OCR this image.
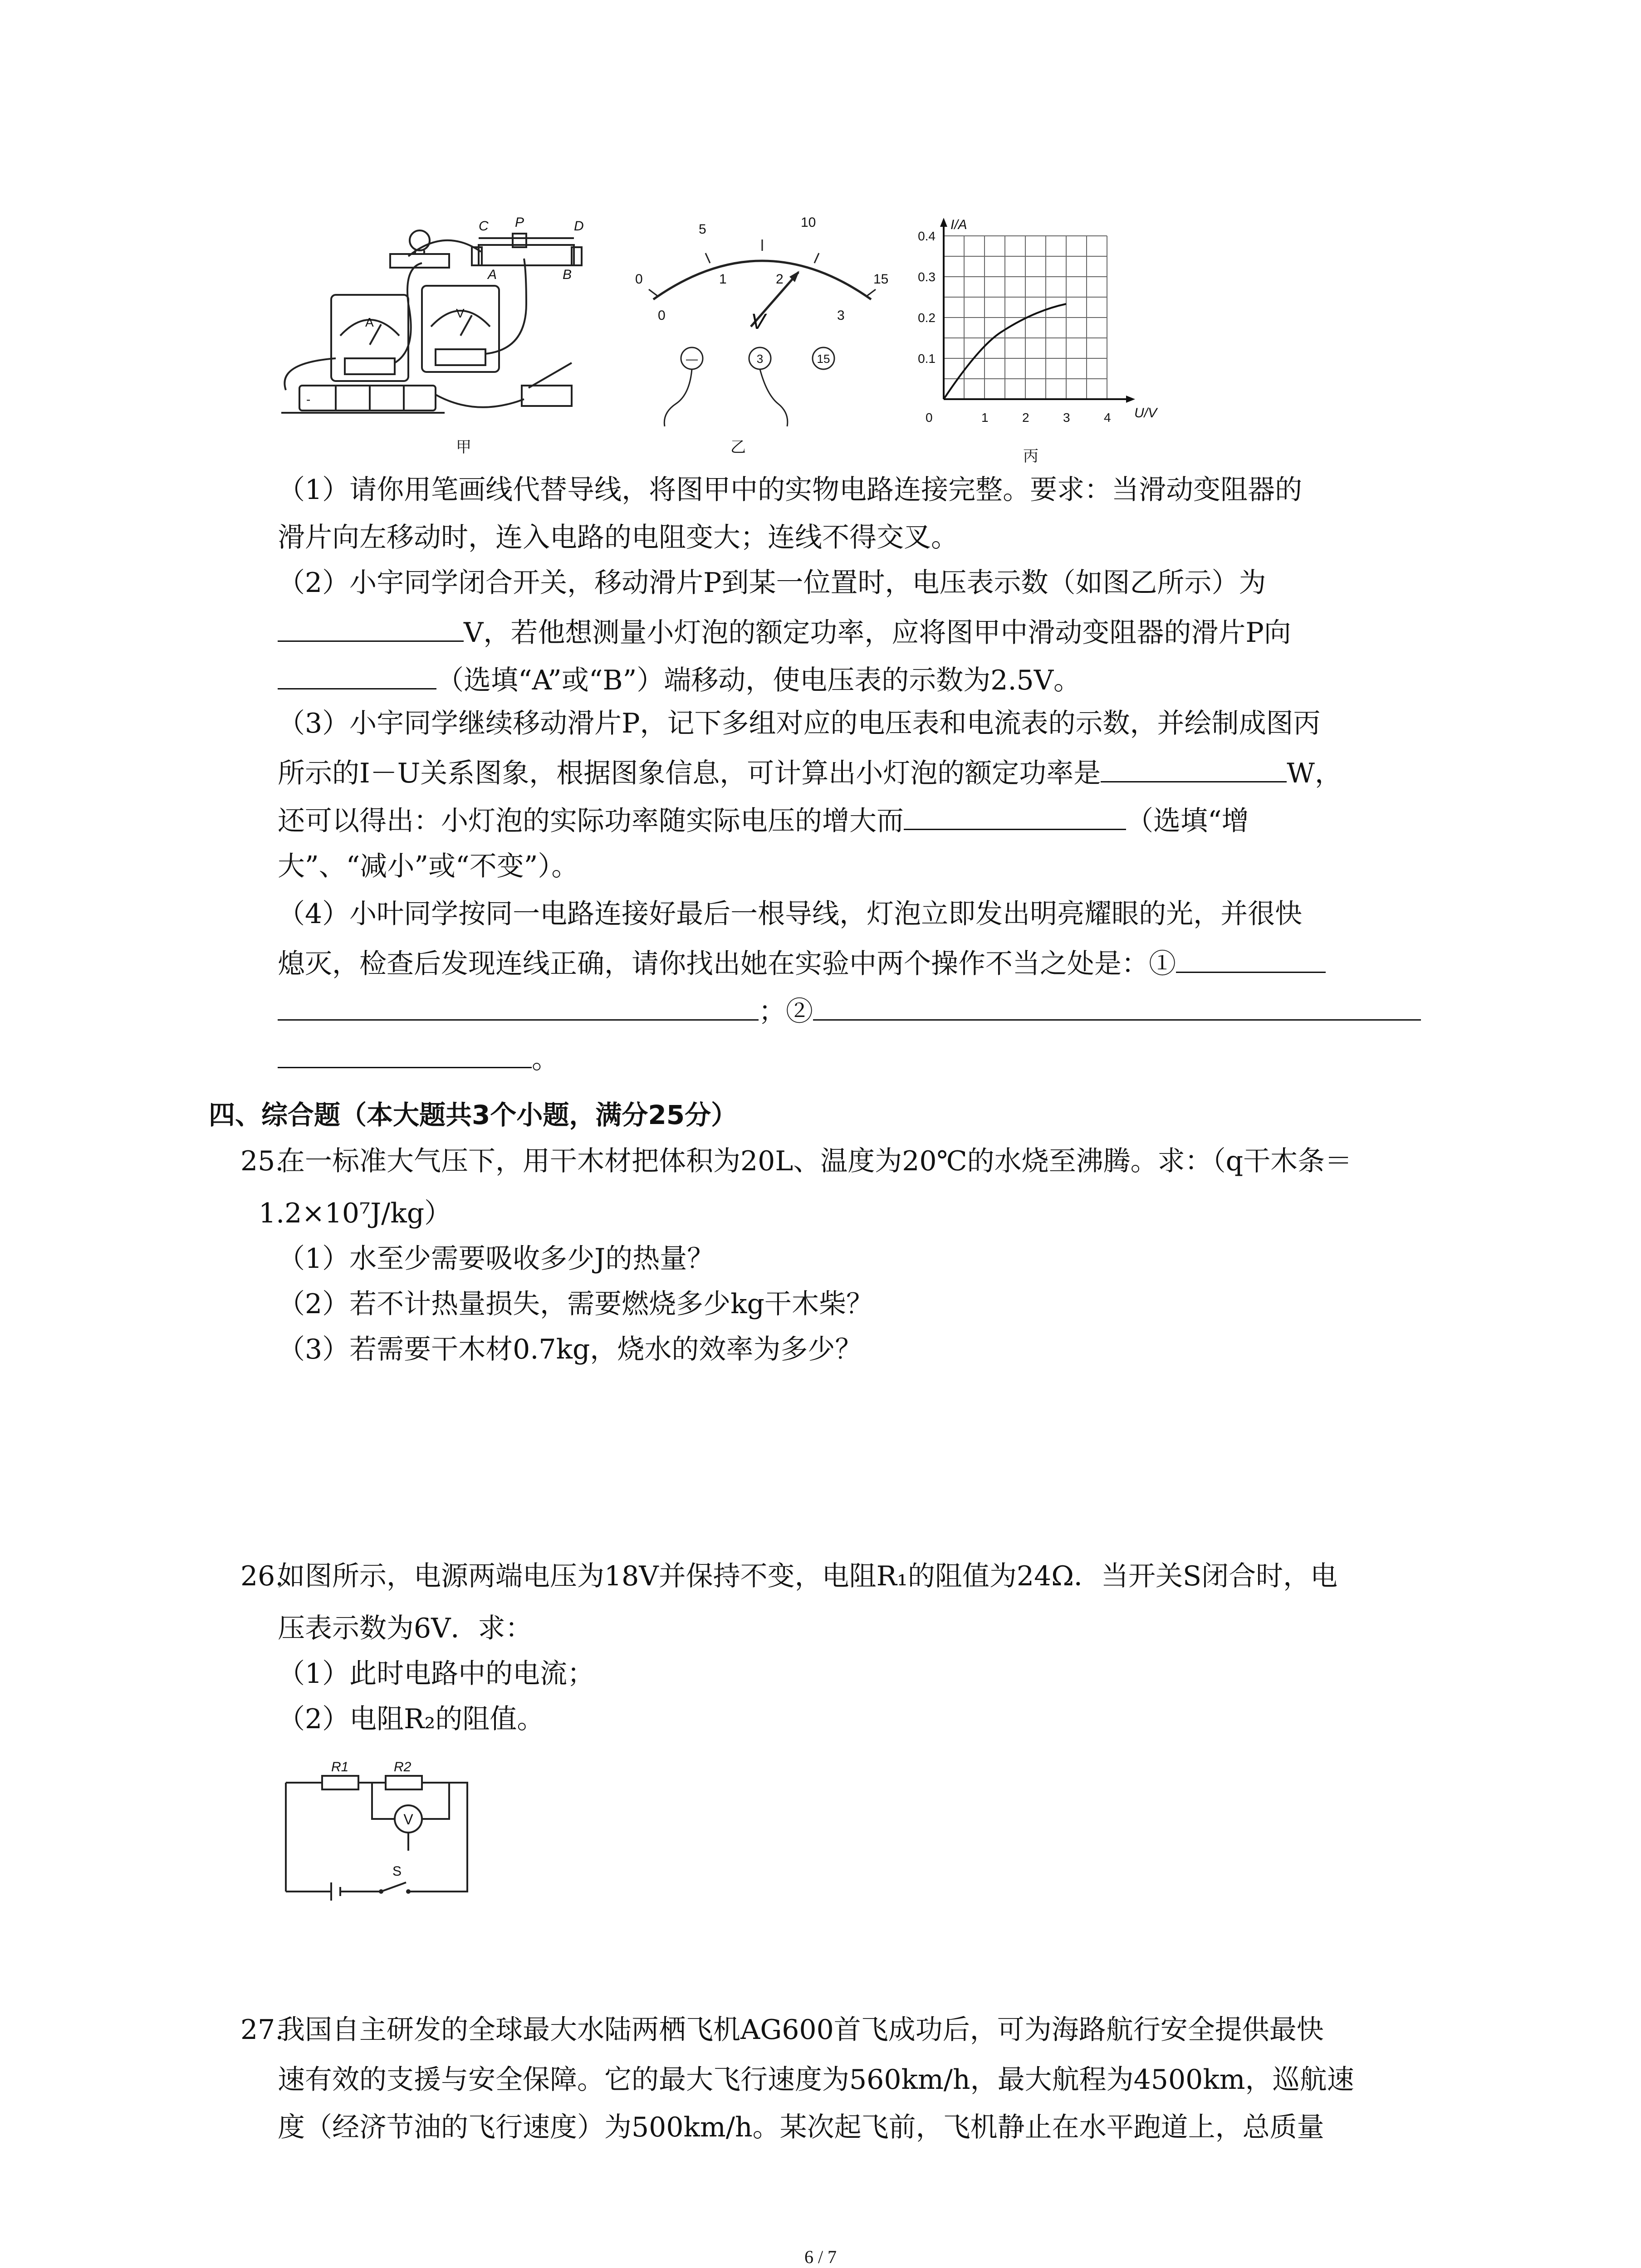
C P	D
A	B
A
V
-
甲
0
5	10
15
0
1	2
3
V
—	3	15
乙
I/A
U/V
0	1	2	3	4
0.1
0.2
0.3
0.4
丙
（1）请你用笔画线代替导线，将图甲中的实物电路连接完整。要求：当滑动变阻器的
滑片向左移动时，连入电路的电阻变大；连线不得交叉。
（2）小宇同学闭合开关，移动滑片P到某一位置时，电压表示数（如图乙所示）为
V，若他想测量小灯泡的额定功率，应将图甲中滑动变阻器的滑片P向
（选填“A”或“B”）端移动，使电压表的示数为2.5V。
（3）小宇同学继续移动滑片P，记下多组对应的电压表和电流表的示数，并绘制成图丙
所示的I－U关系图象，根据图象信息，可计算出小灯泡的额定功率是	W，
还可以得出：小灯泡的实际功率随实际电压的增大而	（选填“增
大”、“减小”或“不变”）。
（4）小叶同学按同一电路连接好最后一根导线，灯泡立即发出明亮耀眼的光，并很快
熄灭，检查后发现连线正确，请你找出她在实验中两个操作不当之处是：①
；②
。
四、综合题（本大题共3个小题，满分25分）
25.
在一标准大气压下，用干木材把体积为20L、温度为20℃的水烧至沸腾。求：（q干木条＝
1.2×10⁷J/kg）
（1）水至少需要吸收多少J的热量？
（2）若不计热量损失，需要燃烧多少kg干木柴？
（3）若需要干木材0.7kg，烧水的效率为多少？
26.
如图所示，电源两端电压为18V并保持不变，电阻R₁的阻值为24Ω．当开关S闭合时，电
压表示数为6V．求：
（1）此时电路中的电流；
（2）电阻R₂的阻值。
R1	R2
V
S
27.
我国自主研发的全球最大水陆两栖飞机AG600首飞成功后，可为海路航行安全提供最快
速有效的支援与安全保障。它的最大飞行速度为560km/h，最大航程为4500km，巡航速
度（经济节油的飞行速度）为500km/h。某次起飞前，飞机静止在水平跑道上，总质量
6 / 7
